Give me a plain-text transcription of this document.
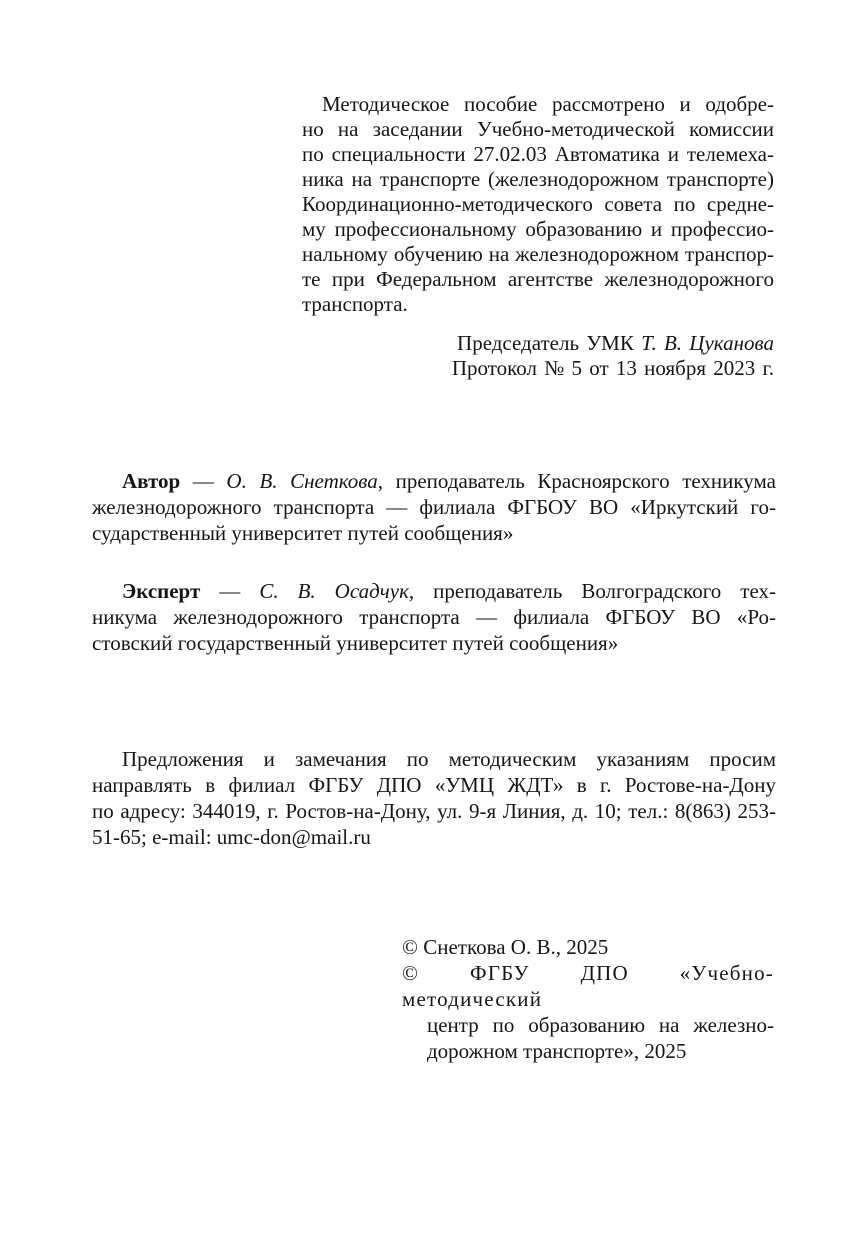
Методическое пособие рассмотрено и одобре-
но на заседании Учебно-методической комиссии
по специальности 27.02.03 Автоматика и телемеха-
ника на транспорте (железнодорожном транспорте)
Координационно-методического совета по средне-
му профессиональному образованию и профессио-
нальному обучению на железнодорожном транспор-
те при Федеральном агентстве железнодорожного
транспорта.
Председатель УМК Т. В. Цуканова
Протокол № 5 от 13 ноября 2023 г.
Автор — О. В. Снеткова, преподаватель Красноярского техникума
железнодорожного транспорта — филиала ФГБОУ ВО «Иркутский го-
сударственный университет путей сообщения»
Эксперт — С. В. Осадчук, преподаватель Волгоградского тех-
никума железнодорожного транспорта — филиала ФГБОУ ВО «Ро-
стовский государственный университет путей сообщения»
Предложения и замечания по методическим указаниям просим
направлять в филиал ФГБУ ДПО «УМЦ ЖДТ» в г. Ростове-на-Дону
по адресу: 344019, г. Ростов-на-Дону, ул. 9-я Линия, д. 10; тел.: 8(863) 253-
51-65; e-mail: umc-don@mail.ru
© Снеткова О. В., 2025
© ФГБУ ДПО «Учебно-методический
центр по образованию на железно-
дорожном транспорте», 2025
